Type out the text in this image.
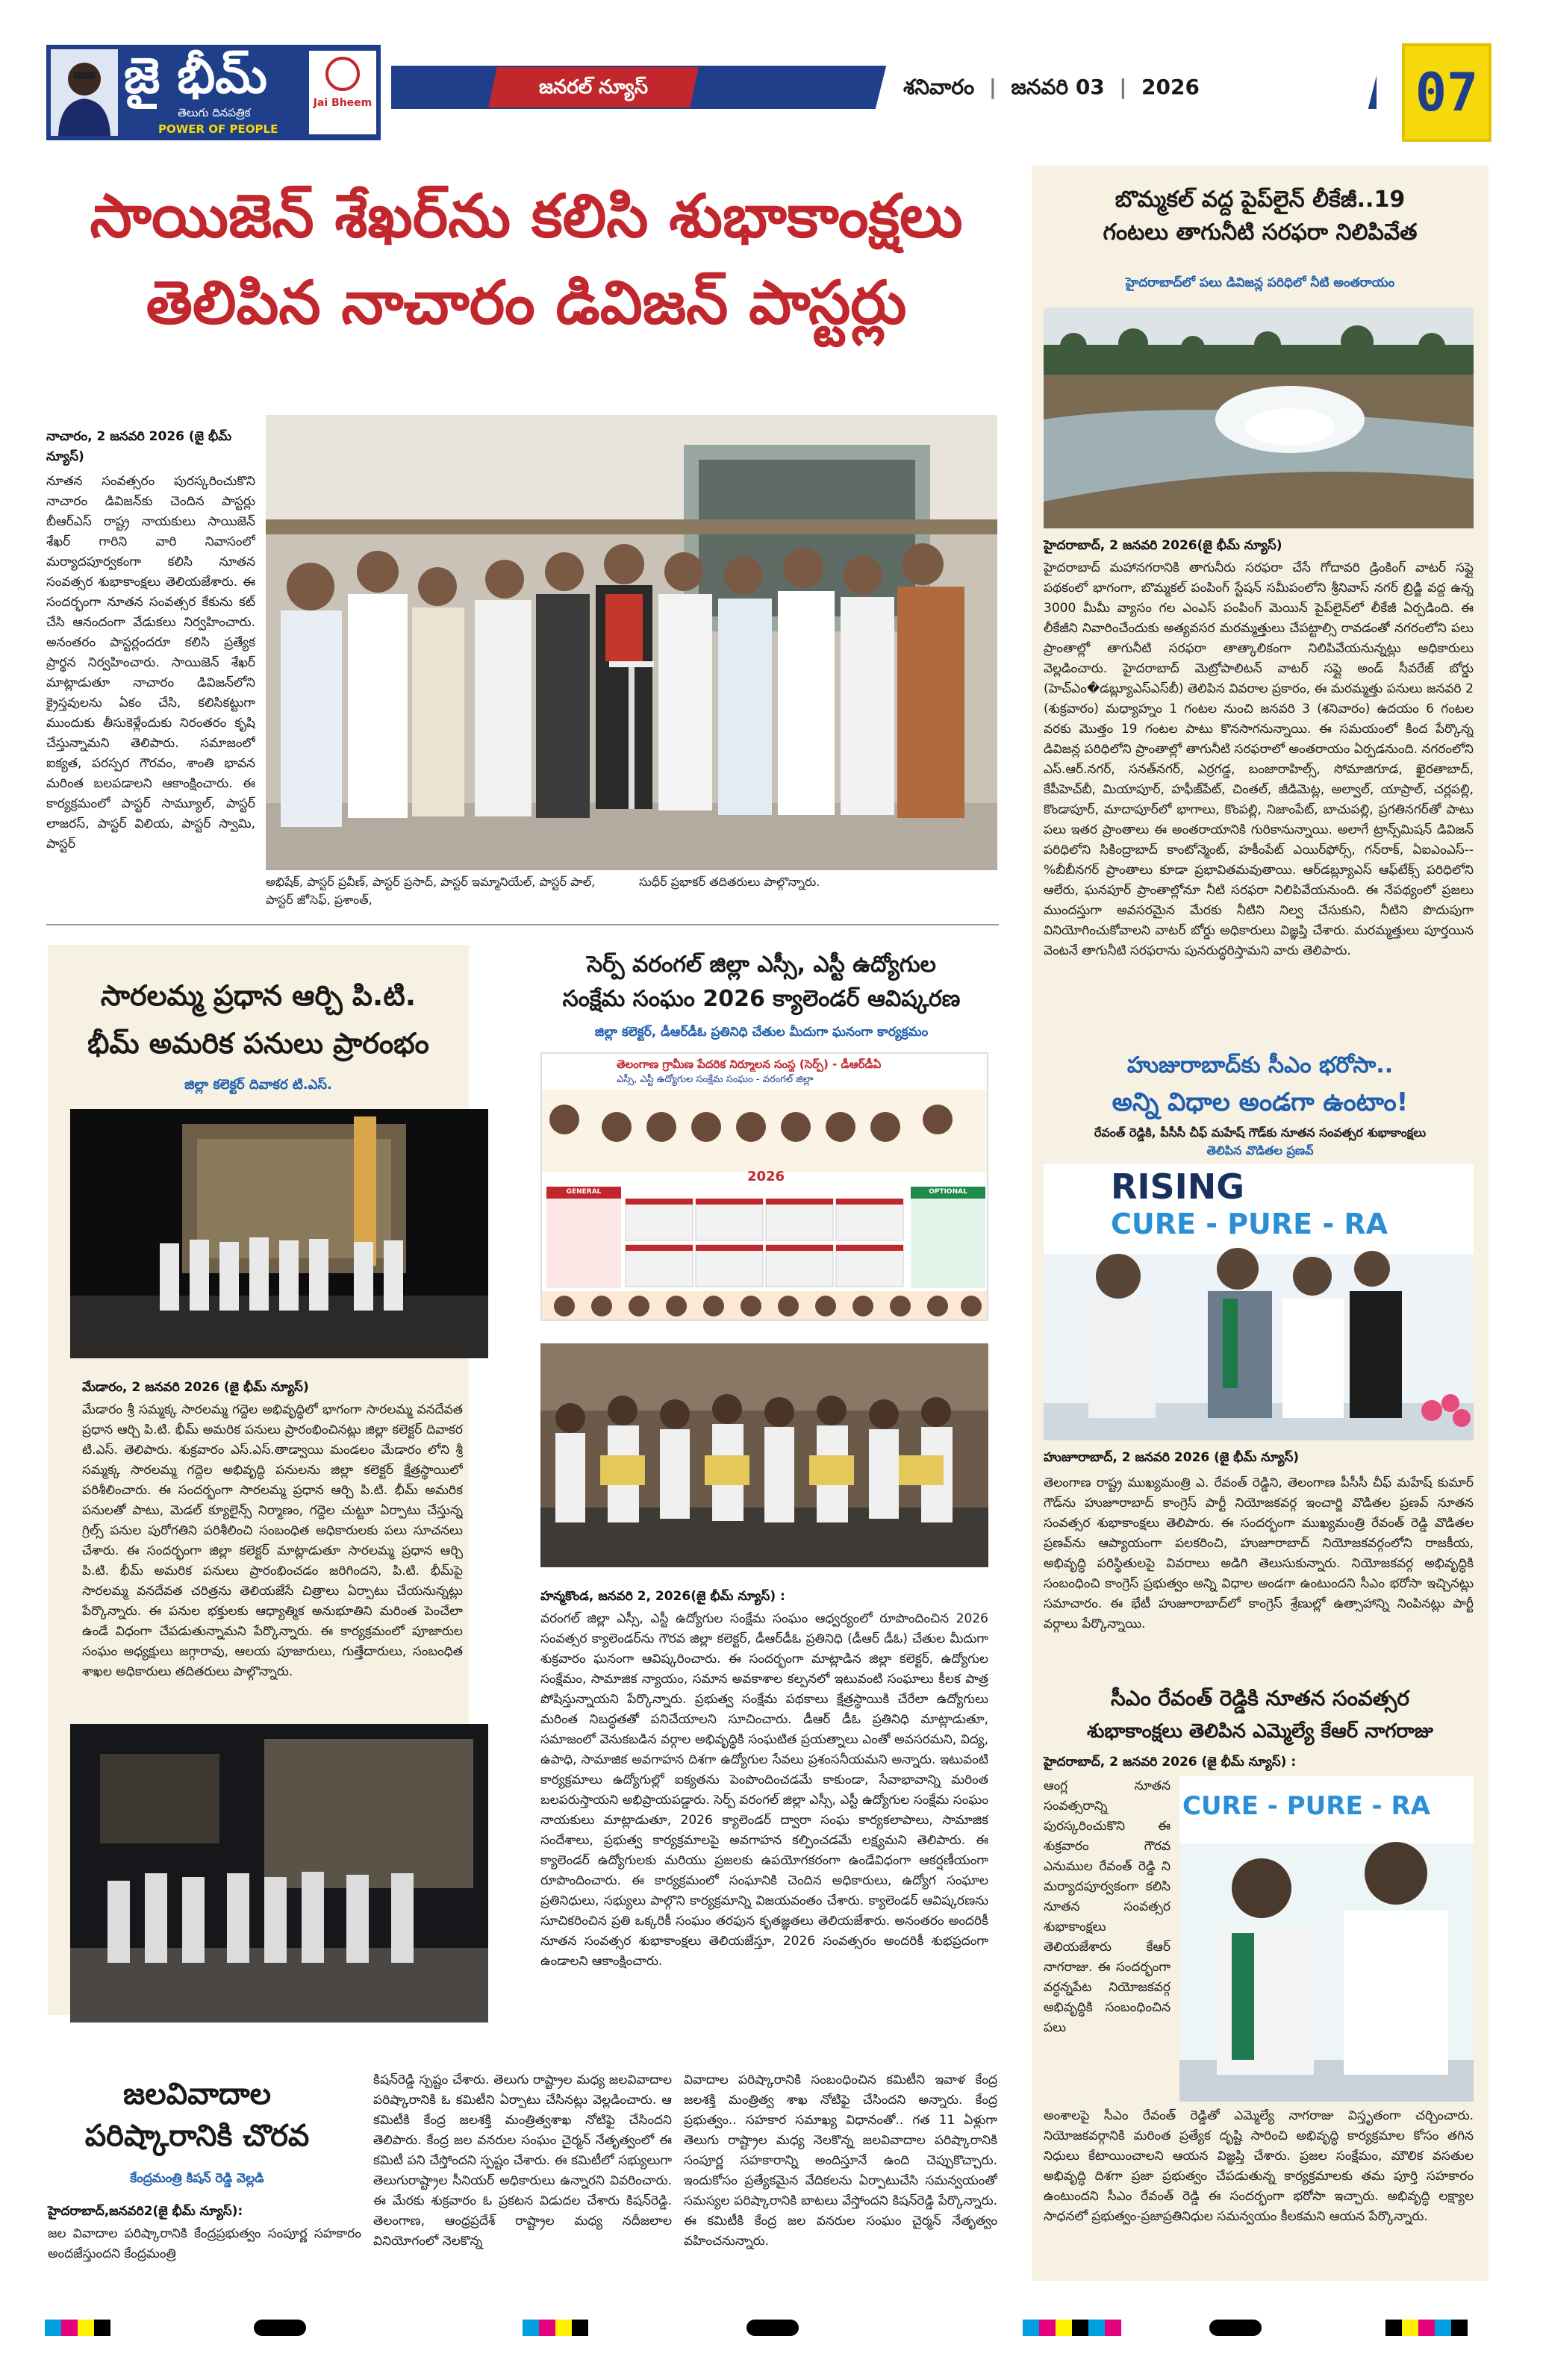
జై భీమ్
తెలుగు దినపత్రిక
POWER OF PEOPLE
Jai Bheem
జనరల్ న్యూస్	శనివారం  |  జనవరి 03  |  2026	07
సాయిజెన్ శేఖర్‌ను కలిసి శుభాకాంక్షలు
తెలిపిన నాచారం డివిజన్ పాస్టర్లు
నాచారం, 2 జనవరి 2026 (జై భీమ్ న్యూస్)
నూతన సంవత్సరం పురస్కరించుకొని నాచారం డివిజన్‌కు చెందిన పాస్టర్లు బీఆర్ఎస్ రాష్ట్ర నాయకులు సాయిజెన్ శేఖర్ గారిని వారి నివాసంలో మర్యాదపూర్వకంగా కలిసి నూతన సంవత్సర శుభాకాంక్షలు తెలియజేశారు. ఈ సందర్భంగా నూతన సంవత్సర కేకును కట్ చేసి ఆనందంగా వేడుకలు నిర్వహించారు. అనంతరం పాస్టర్లందరూ కలిసి ప్రత్యేక ప్రార్థన నిర్వహించారు. సాయిజెన్ శేఖర్ మాట్లాడుతూ నాచారం డివిజన్‌లోని క్రైస్తవులను ఏకం చేసి, కలిసికట్టుగా ముందుకు తీసుకెళ్లేందుకు నిరంతరం కృషి చేస్తున్నామని తెలిపారు. సమాజంలో ఐక్యత, పరస్పర గౌరవం, శాంతి భావన మరింత బలపడాలని ఆకాంక్షించారు. ఈ కార్యక్రమంలో పాస్టర్ సామ్యూల్, పాస్టర్ లాజరస్, పాస్టర్ విలియ, పాస్టర్ స్వామి, పాస్టర్
అభిషేక్, పాస్టర్ ప్రవీణ్, పాస్టర్ ప్రసాద్, పాస్టర్ ఇమ్మానియేల్, పాస్టర్ పాల్, పాస్టర్ జోసెఫ్, ప్రశాంత్,
సుధీర్ ప్రభాకర్ తదితరులు పాల్గొన్నారు.
బొమ్మకల్ వద్ద పైప్‌లైన్ లీకేజీ..19
గంటలు తాగునీటి సరఫరా నిలిపివేత
హైదరాబాద్‌లో పలు డివిజన్ల పరిధిలో నీటి అంతరాయం
హైదరాబాద్, 2 జనవరి 2026(జై భీమ్ న్యూస్)
హైదరాబాద్ మహానగరానికి తాగునీరు సరఫరా చేసే గోదావరి డ్రింకింగ్ వాటర్ సప్లై పథకంలో భాగంగా, బొమ్మకల్ పంపింగ్ స్టేషన్ సమీపంలోని శ్రీనివాస్ నగర్ బ్రిడ్జి వద్ద ఉన్న 3000 మీమీ వ్యాసం గల ఎంఎస్ పంపింగ్ మెయిన్ పైప్‌లైన్‌లో లీకేజీ ఏర్పడింది. ఈ లీకేజీని నివారించేందుకు అత్యవసర మరమ్మత్తులు చేపట్టాల్సి రావడంతో నగరంలోని పలు ప్రాంతాల్లో తాగునీటి సరఫరా తాత్కాలికంగా నిలిపివేయనున్నట్లు అధికారులు వెల్లడించారు. హైదరాబాద్ మెట్రోపాలిటన్ వాటర్ సప్లై అండ్ సీవరేజ్ బోర్డు (హెచ్ఎం�డబ్ల్యూఎస్ఎస్‌బీ) తెలిపిన వివరాల ప్రకారం, ఈ మరమ్మత్తు పనులు జనవరి 2 (శుక్రవారం) మధ్యాహ్నం 1 గంటల నుంచి జనవరి 3 (శనివారం) ఉదయం 6 గంటల వరకు మొత్తం 19 గంటల పాటు కొనసాగనున్నాయి. ఈ సమయంలో కింద పేర్కొన్న డివిజన్ల పరిధిలోని ప్రాంతాల్లో తాగునీటి సరఫరాలో అంతరాయం ఏర్పడనుంది. నగరంలోని ఎస్.ఆర్.నగర్, సనత్‌నగర్, ఎర్రగడ్డ, బంజారాహిల్స్, సోమాజిగూడ, ఖైరతాబాద్, కేపీహెచ్‌బీ, మియాపూర్, హఫీజ్‌పేట్, చింతల్, జీడిమెట్ల, అల్వాల్, యాప్రాల్, చర్లపల్లి, కొండాపూర్, మాదాపూర్‌లో భాగాలు, కొంపల్లి, నిజాంపేట్, బాచుపల్లి, ప్రగతినగర్‌తో పాటు పలు ఇతర ప్రాంతాలు ఈ అంతరాయానికి గురికానున్నాయి. అలాగే ట్రాన్స్‌మిషన్ డివిజన్ పరిధిలోని సికింద్రాబాద్ కాంటోన్మెంట్, హకీంపేట్ ఎయిర్‌ఫోర్స్, గన్‌రాక్, ఏఐఎంఎస్--%బీబీనగర్ ప్రాంతాలు కూడా ప్రభావితమవుతాయి. ఆర్‌డబ్ల్యూఎస్ ఆఫ్‌టేక్స్ పరిధిలోని ఆలేరు, ఘనపూర్ ప్రాంతాల్లోనూ నీటి సరఫరా నిలిపివేయనుంది. ఈ నేపథ్యంలో ప్రజలు ముందస్తుగా అవసరమైన మేరకు నీటిని నిల్వ చేసుకుని, నీటిని పొదుపుగా వినియోగించుకోవాలని వాటర్ బోర్డు అధికారులు విజ్ఞప్తి చేశారు. మరమ్మత్తులు పూర్తయిన వెంటనే తాగునీటి సరఫరాను పునరుద్ధరిస్తామని వారు తెలిపారు.
హుజురాబాద్‌కు సీఎం భరోసా..
అన్ని విధాల అండగా ఉంటాం!
రేవంత్ రెడ్డికి, పీసీసీ చీఫ్ మహేష్ గౌడ్‌కు నూతన సంవత్సర శుభాకాంక్షలు
తెలిపిన వొడితల ప్రణవ్
RISING
CURE - PURE - RA
హుజూరాబాద్, 2 జనవరి 2026 (జై భీమ్ న్యూస్)
తెలంగాణ రాష్ట్ర ముఖ్యమంత్రి ఎ. రేవంత్ రెడ్డిని, తెలంగాణ పీసీసీ చీఫ్ మహేష్ కుమార్ గౌడ్‌ను హుజూరాబాద్ కాంగ్రెస్ పార్టీ నియోజకవర్గ ఇంచార్జి వొడితల ప్రణవ్ నూతన సంవత్సర శుభాకాంక్షలు తెలిపారు. ఈ సందర్భంగా ముఖ్యమంత్రి రేవంత్ రెడ్డి వొడితల ప్రణవ్‌ను ఆప్యాయంగా పలకరించి, హుజూరాబాద్ నియోజకవర్గంలోని రాజకీయ, అభివృద్ధి పరిస్థితులపై వివరాలు అడిగి తెలుసుకున్నారు. నియోజకవర్గ అభివృద్ధికి సంబంధించి కాంగ్రెస్ ప్రభుత్వం అన్ని విధాల అండగా ఉంటుందని సీఎం భరోసా ఇచ్చినట్లు సమాచారం. ఈ భేటీ హుజూరాబాద్‌లో కాంగ్రెస్ శ్రేణుల్లో ఉత్సాహాన్ని నింపినట్లు పార్టీ వర్గాలు పేర్కొన్నాయి.
సీఎం రేవంత్ రెడ్డికి నూతన సంవత్సర
శుభాకాంక్షలు తెలిపిన ఎమ్మెల్యే కేఆర్ నాగరాజు
హైదరాబాద్, 2 జనవరి 2026 (జై భీమ్ న్యూస్) :
ఆంగ్ల నూతన సంవత్సరాన్ని పురస్కరించుకొని ఈ శుక్రవారం గౌరవ ఎనుముల రేవంత్ రెడ్డి ని మర్యాదపూర్వకంగా కలిసి నూతన సంవత్సర శుభాకాంక్షలు తెలియజేశారు కేఆర్ నాగరాజు. ఈ సందర్భంగా వర్ధన్నపేట నియోజకవర్గ అభివృద్ధికి సంబంధించిన పలు
CURE - PURE - RA
అంశాలపై సీఎం రేవంత్ రెడ్డితో ఎమ్మెల్యే నాగరాజు విస్తృతంగా చర్చించారు. నియోజకవర్గానికి మరింత ప్రత్యేక దృష్టి సారించి అభివృద్ధి కార్యక్రమాల కోసం తగిన నిధులు కేటాయించాలని ఆయన విజ్ఞప్తి చేశారు. ప్రజల సంక్షేమం, మౌలిక వసతుల అభివృద్ధి దిశగా ప్రజా ప్రభుత్వం చేపడుతున్న కార్యక్రమాలకు తమ పూర్తి సహకారం ఉంటుందని సీఎం రేవంత్ రెడ్డి ఈ సందర్భంగా భరోసా ఇచ్చారు. అభివృద్ధి లక్ష్యాల సాధనలో ప్రభుత్వం-ప్రజాప్రతినిధుల సమన్వయం కీలకమని ఆయన పేర్కొన్నారు.
సారలమ్మ ప్రధాన ఆర్చి పి.టి.
భీమ్ అమరిక పనులు ప్రారంభం
జిల్లా కలెక్టర్ దివాకర టి.ఎస్.
మేడారం, 2 జనవరి 2026 (జై భీమ్ న్యూస్)
మేడారం శ్రీ సమ్మక్క సారలమ్మ గద్దెల అభివృద్ధిలో భాగంగా సారలమ్మ వనదేవత ప్రధాన ఆర్చి పి.టి. భీమ్ అమరిక పనులు ప్రారంభించినట్లు జిల్లా కలెక్టర్ దివాకర టి.ఎస్. తెలిపారు. శుక్రవారం ఎస్.ఎస్.తాడ్వాయి మండలం మేడారం లోని శ్రీ సమ్మక్క సారలమ్మ గద్దెల అభివృద్ధి పనులను జిల్లా కలెక్టర్ క్షేత్రస్థాయిలో పరిశీలించారు. ఈ సందర్భంగా సారలమ్మ ప్రధాన ఆర్చి పి.టి. భీమ్ అమరిక పనులతో పాటు, మెడల్ క్యూలైన్స్ నిర్మాణం, గద్దెల చుట్టూ ఏర్పాటు చేస్తున్న గ్రిల్స్ పనుల పురోగతిని పరిశీలించి సంబంధిత అధికారులకు పలు సూచనలు చేశారు. ఈ సందర్భంగా జిల్లా కలెక్టర్ మాట్లాడుతూ సారలమ్మ ప్రధాన ఆర్చి పి.టి. భీమ్ అమరిక పనులు ప్రారంభించడం జరిగిందని, పి.టి. భీమ్‌పై సారలమ్మ వనదేవత చరిత్రను తెలియజేసే చిత్రాలు ఏర్పాటు చేయనున్నట్లు పేర్కొన్నారు. ఈ పనుల భక్తులకు ఆధ్యాత్మిక అనుభూతిని మరింత పెంచేలా ఉండే విధంగా చేపడుతున్నామని పేర్కొన్నారు. ఈ కార్యక్రమంలో పూజారుల సంఘం అధ్యక్షులు జగ్గారావు, ఆలయ పూజారులు, గుత్తేదారులు, సంబంధిత శాఖల అధికారులు తదితరులు పాల్గొన్నారు.
సెర్ప్ వరంగల్ జిల్లా ఎస్సీ, ఎస్టీ ఉద్యోగుల
సంక్షేమ సంఘం 2026 క్యాలెండర్ ఆవిష్కరణ
జిల్లా కలెక్టర్, డీఆర్‌డీఓ ప్రతినిధి చేతుల మీదుగా ఘనంగా కార్యక్రమం
తెలంగాణ గ్రామీణ పేదరిక నిర్మూలన సంస్థ (సెర్ప్) - డీఆర్‌డీఏ
ఎస్సీ, ఎస్టీ ఉద్యోగుల సంక్షేమ సంఘం - వరంగల్ జిల్లా
2026
GENERAL	OPTIONAL
హన్మకొండ, జనవరి 2, 2026(జై భీమ్ న్యూస్) :
వరంగల్ జిల్లా ఎస్సీ, ఎస్టీ ఉద్యోగుల సంక్షేమ సంఘం ఆధ్వర్యంలో రూపొందించిన 2026 సంవత్సర క్యాలెండర్‌ను గౌరవ జిల్లా కలెక్టర్, డీఆర్‌డీఓ ప్రతినిధి (డీఆర్ డీఓ) చేతుల మీదుగా శుక్రవారం ఘనంగా ఆవిష్కరించారు. ఈ సందర్భంగా మాట్లాడిన జిల్లా కలెక్టర్, ఉద్యోగుల సంక్షేమం, సామాజిక న్యాయం, సమాన అవకాశాల కల్పనలో ఇటువంటి సంఘాలు కీలక పాత్ర పోషిస్తున్నాయని పేర్కొన్నారు. ప్రభుత్వ సంక్షేమ పథకాలు క్షేత్రస్థాయికి చేరేలా ఉద్యోగులు మరింత నిబద్ధతతో పనిచేయాలని సూచించారు. డీఆర్ డీఓ ప్రతినిధి మాట్లాడుతూ, సమాజంలో వెనుకబడిన వర్గాల అభివృద్ధికి సంఘటిత ప్రయత్నాలు ఎంతో అవసరమని, విద్య, ఉపాధి, సామాజిక అవగాహన దిశగా ఉద్యోగుల సేవలు ప్రశంసనీయమని అన్నారు. ఇటువంటి కార్యక్రమాలు ఉద్యోగుల్లో ఐక్యతను పెంపొందించడమే కాకుండా, సేవాభావాన్ని మరింత బలపరుస్తాయని అభిప్రాయపడ్డారు. సెర్ప్ వరంగల్ జిల్లా ఎస్సీ, ఎస్టీ ఉద్యోగుల సంక్షేమ సంఘం నాయకులు మాట్లాడుతూ, 2026 క్యాలెండర్ ద్వారా సంఘ కార్యకలాపాలు, సామాజిక సందేశాలు, ప్రభుత్వ కార్యక్రమాలపై అవగాహన కల్పించడమే లక్ష్యమని తెలిపారు. ఈ క్యాలెండర్ ఉద్యోగులకు మరియు ప్రజలకు ఉపయోగకరంగా ఉండేవిధంగా ఆకర్షణీయంగా రూపొందించారు. ఈ కార్యక్రమంలో సంఘానికి చెందిన అధికారులు, ఉద్యోగ సంఘాల ప్రతినిధులు, సభ్యులు పాల్గొని కార్యక్రమాన్ని విజయవంతం చేశారు. క్యాలెండర్ ఆవిష్కరణను సూచికరించిన ప్రతి ఒక్కరికీ సంఘం తరఫున కృతజ్ఞతలు తెలియజేశారు. అనంతరం అందరికీ నూతన సంవత్సర శుభాకాంక్షలు తెలియజేస్తూ, 2026 సంవత్సరం అందరికీ శుభప్రదంగా ఉండాలని ఆకాంక్షించారు.
జలవివాదాల
పరిష్కారానికి చొరవ
కేంద్రమంత్రి కిషన్ రెడ్డి వెల్లడి
హైదరాబాద్,జనవరి2(జై భీమ్ న్యూస్):
జల వివాదాల పరిష్కారానికి కేంద్రప్రభుత్వం సంపూర్ణ సహకారం అందజేస్తుందని కేంద్రమంత్రి
కిషన్‌రెడ్డి స్పష్టం చేశారు. తెలుగు రాష్ట్రాల మధ్య జలవివాదాల పరిష్కారానికి ఓ కమిటీని ఏర్పాటు చేసినట్లు వెల్లడించారు. ఆ కమిటీకి కేంద్ర జలశక్తి మంత్రిత్వశాఖ నోటిఫై చేసిందని తెలిపారు. కేంద్ర జల వనరుల సంఘం చైర్మన్ నేతృత్వంలో ఈ కమిటీ పని చేస్తోందని స్పష్టం చేశారు. ఈ కమిటీలో సభ్యులుగా తెలుగురాష్ట్రాల సీనియర్ అధికారులు ఉన్నారని వివరించారు. ఈ మేరకు శుక్రవారం ఓ ప్రకటన విడుదల చేశారు కిషన్‌రెడ్డి. తెలంగాణ, ఆంధ్రప్రదేశ్ రాష్ట్రాల మధ్య నదీజలాల వినియోగంలో నెలకొన్న
వివాదాల పరిష్కారానికి సంబంధించిన కమిటీని ఇవాళ కేంద్ర జలశక్తి మంత్రిత్వ శాఖ నోటిఫై చేసిందని అన్నారు. కేంద్ర ప్రభుత్వం.. సహకార సమాఖ్య విధానంతో.. గత 11 ఏళ్లుగా తెలుగు రాష్ట్రాల మధ్య నెలకొన్న జలవివాదాల పరిష్కారానికి సంపూర్ణ సహకారాన్ని అందిస్తూనే ఉంది చెప్పుకొచ్చారు. ఇందుకోసం ప్రత్యేకమైన వేదికలను ఏర్పాటుచేసి సమన్వయంతో సమస్యల పరిష్కారానికి బాటలు వేస్తోందని కిషన్‌రెడ్డి పేర్కొన్నారు. ఈ కమిటీకి కేంద్ర జల వనరుల సంఘం చైర్మన్ నేతృత్వం వహించనున్నారు.
